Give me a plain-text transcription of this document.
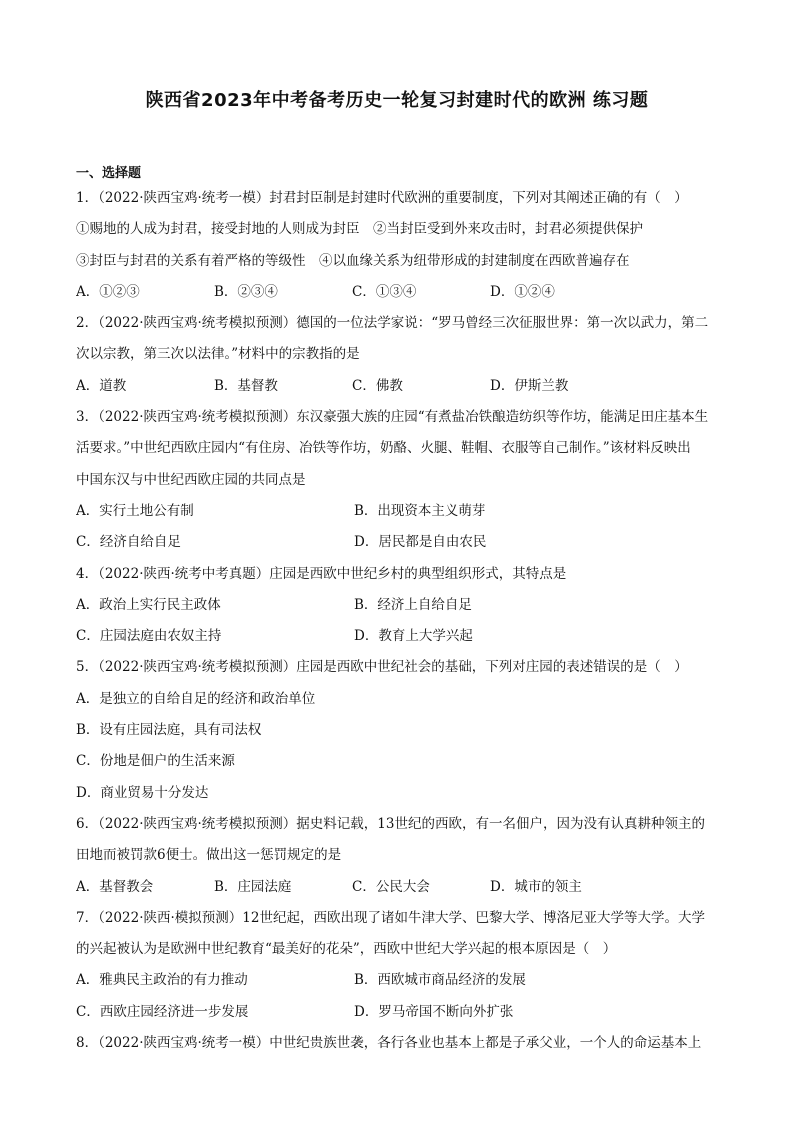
陕西省2023年中考备考历史一轮复习封建时代的欧洲 练习题
一、选择题
1．（2022·陕西宝鸡·统考一模）封君封臣制是封建时代欧洲的重要制度，下列对其阐述正确的有（　）
①赐地的人成为封君，接受封地的人则成为封臣　②当封臣受到外来攻击时，封君必须提供保护
③封臣与封君的关系有着严格的等级性　④以血缘关系为纽带形成的封建制度在西欧普遍存在
A．①②③	B．②③④	C．①③④	D．①②④
2．（2022·陕西宝鸡·统考模拟预测）德国的一位法学家说：“罗马曾经三次征服世界：第一次以武力，第二
次以宗教，第三次以法律。”材料中的宗教指的是
A．道教	B．基督教	C．佛教	D．伊斯兰教
3．（2022·陕西宝鸡·统考模拟预测）东汉豪强大族的庄园“有煮盐冶铁酿造纺织等作坊，能满足田庄基本生
活要求。”中世纪西欧庄园内“有住房、冶铁等作坊，奶酪、火腿、鞋帽、衣服等自己制作。”该材料反映出
中国东汉与中世纪西欧庄园的共同点是
A．实行土地公有制	B．出现资本主义萌芽
C．经济自给自足	D．居民都是自由农民
4．（2022·陕西·统考中考真题）庄园是西欧中世纪乡村的典型组织形式，其特点是
A．政治上实行民主政体	B．经济上自给自足
C．庄园法庭由农奴主持	D．教育上大学兴起
5．（2022·陕西宝鸡·统考模拟预测）庄园是西欧中世纪社会的基础，下列对庄园的表述错误的是（　）
A．是独立的自给自足的经济和政治单位
B．设有庄园法庭，具有司法权
C．份地是佃户的生活来源
D．商业贸易十分发达
6．（2022·陕西宝鸡·统考模拟预测）据史料记载，13世纪的西欧，有一名佃户，因为没有认真耕种领主的
田地而被罚款6便士。做出这一惩罚规定的是
A．基督教会	B．庄园法庭	C．公民大会	D．城市的领主
7．（2022·陕西·模拟预测）12世纪起，西欧出现了诸如牛津大学、巴黎大学、博洛尼亚大学等大学。大学
的兴起被认为是欧洲中世纪教育“最美好的花朵”，西欧中世纪大学兴起的根本原因是（　）
A．雅典民主政治的有力推动	B．西欧城市商品经济的发展
C．西欧庄园经济进一步发展	D．罗马帝国不断向外扩张
8．（2022·陕西宝鸡·统考一模）中世纪贵族世袭，各行各业也基本上都是子承父业，一个人的命运基本上
